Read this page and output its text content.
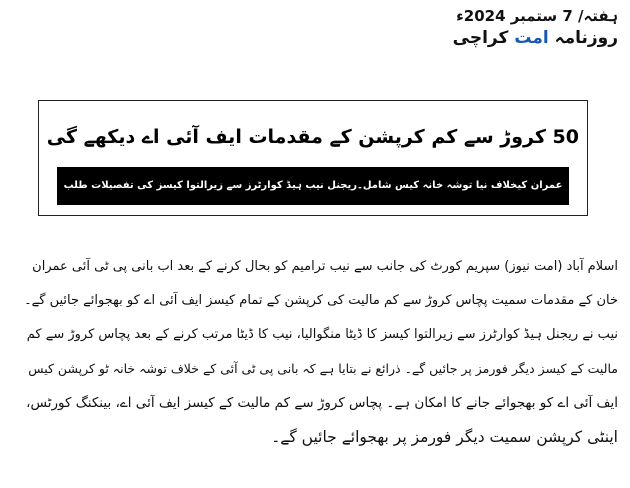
ہفتہ/ 7 ستمبر 2024ء
روزنامہ امت کراچی
50 کروڑ سے کم کرپشن کے مقدمات ایف آئی اے دیکھے گی
عمران کیخلاف نیا توشہ خانہ کیس شامل۔ریجنل نیب ہیڈ کوارٹرز سے زیرالتوا کیسز کی تفصیلات طلب
اسلام آباد (امت نیوز) سپریم کورٹ کی جانب سے نیب ترامیم کو بحال کرنے کے بعد اب بانی پی ٹی آئی عمران
خان کے مقدمات سمیت پچاس کروڑ سے کم مالیت کی کرپشن کے تمام کیسز ایف آئی اے کو بھجوائے جائیں گے۔
نیب نے ریجنل ہیڈ کوارٹرز سے زیرالتوا کیسز کا ڈیٹا منگوالیا، نیب کا ڈیٹا مرتب کرنے کے بعد پچاس کروڑ سے کم
مالیت کے کیسز دیگر فورمز پر جائیں گے۔ ذرائع نے بتایا ہے کہ بانی پی ٹی آئی کے خلاف توشہ خانہ ٹو کرپشن کیس
ایف آئی اے کو بھجوائے جانے کا امکان ہے۔ پچاس کروڑ سے کم مالیت کے کیسز ایف آئی اے، بینکنگ کورٹس،
اینٹی کرپشن سمیت دیگر فورمز پر بھجوائے جائیں گے۔
